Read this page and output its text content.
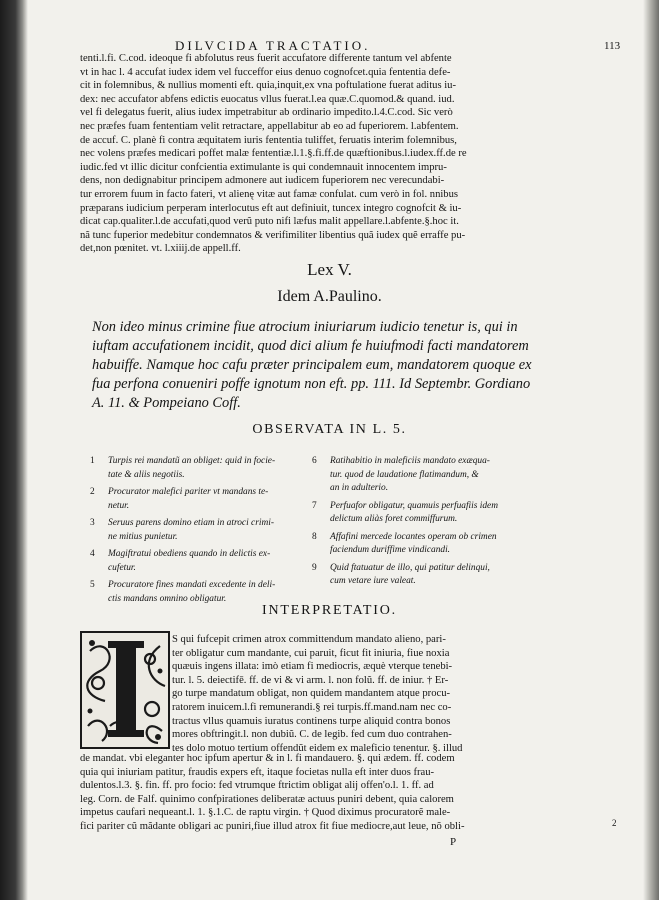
DILVCIDA TRACTATIO.	113

tenti.l.fi. C.cod. ideoque fi abfolutus reus fuerit accufatore differente tantum vel abfente
vt in hac l. 4 accufat iudex idem vel fucceffor eius denuo cognofcet.quia fententia defe-
cit in folemnibus, & nullius momenti eft. quia,inquit,ex vna poftulatione fuerat aditus iu-
dex: nec accufator abfens edictis euocatus vllus fuerat.l.ea quæ.C.quomod.& quand. iud.
vel fi delegatus fuerit, alius iudex impetrabitur ab ordinario impedito.l.4.C.cod. Sic verò
nec præfes fuam fententiam velit retractare, appellabitur ab eo ad fuperiorem. l.abfentem.
de accuf. C. planè fi contra æquitatem iuris fententia tuliffet, feruatis interim folemnibus,
nec volens præfes medicari poffet malæ fententiæ.l.1.§.fi.ff.de quæftionibus.l.iudex.ff.de re
iudic.fed vt illic dicitur confcientia extimulante is qui condemnauit innocentem impru-
dens, non dedignabitur principem admonere aut iudicem fuperiorem nec verecundabi-
tur errorem fuum in facto fateri, vt alienę vitæ aut famæ confulat. cum verò in fol. nnibus
præparans iudicium perperam interlocutus eft aut definiuit, tuncex integro cognofcit & iu-
dicat cap.qualiter.l.de accufati,quod verũ puto nifi læfus malit appellare.l.abfente.§.hoc it.
nã tunc fuperior medebitur condemnatos & verifimiliter libentius quã iudex quẽ erraffe pu-
det,non pœnitet. vt. l.xiiij.de appell.ff.

Lex V.
Idem A.Paulino.
Non ideo minus crimine fiue atrocium iniuriarum iudicio tenetur is, qui in
iuftam accufationem incidit, quod dici alium fe huiufmodi facti mandatorem
habuiffe. Namque hoc cafu præter principalem eum, mandatorem quoque ex
fua perfona conueniri poffe ignotum non eft. pp. 111. Id Septembr. Gordiano
A. 11. & Pompeiano Coff.
OBSERVATA IN L. 5.
1 Turpis rei mandatũ an obliget: quid in focie-
tate & aliis negotiis.
2 Procurator malefici pariter vt mandans te-
netur.
3 Seruus parens domino etiam in atroci crimi-
ne mitius punietur.
4 Magiftratui obediens quando in delictis ex-
cufetur.
5 Procuratore fines mandati excedente in deli-
ctis mandans omnino obligatur.
6 Ratihabitio in maleficiis mandato exæqua-
tur. quod de laudatione flatimandum, &
an in adulterio.
7 Perfuafor obligatur, quamuis perfuafiis idem
delictum aliàs foret commiffurum.
8 Affafini mercede locantes operam ob crimen
faciendum duriffime vindicandi.
9 Quid ftatuatur de illo, qui patitur delinqui,
cum vetare iure valeat.
INTERPRETATIO.

S qui fufcepit crimen atrox committendum mandato alieno, pari-
ter obligatur cum mandante, cui paruit, ficut fit iniuria, fiue noxia
quæuis ingens illata: imò etiam fi mediocris, æquè vterque tenebi-
tur. l. 5. deiectifē. ff. de vi & vi arm. l. non folũ. ff. de iniur. † Er-
go turpe mandatum obligat, non quidem mandantem atque procu-
ratorem inuicem.l.fi remunerandi.§ rei turpis.ff.mand.nam nec co-
tractus vllus quamuis iuratus continens turpe aliquid contra bonos
mores obftringit.l. non dubiũ. C. de legib. fed cum duo contrahen-
tes dolo motuo tertium offendũt eidem ex maleficio tenentur. §. illud

de mandat. vbi eleganter hoc ipfum apertur & in l. fi mandauero. §. qui ædem. ff. codem
quia qui iniuriam patitur, fraudis expers eft, itaque focietas nulla eft inter duos frau-
dulentos.l.3. §. fin. ff. pro focio: fed vtrumque ftrictim obligat alij offen'o.l. 1. ff. ad
leg. Corn. de Falf. quinimo confpirationes deliberatæ actuus puniri debent, quia calorem
impetus caufari nequeant.l. 1. §.1.C. de raptu virgin. † Quod diximus procuratorẽ male-
fici pariter cũ mãdante obligari ac puniri,fiue illud atrox fit fiue mediocre,aut leue, nõ obli-	2
P
